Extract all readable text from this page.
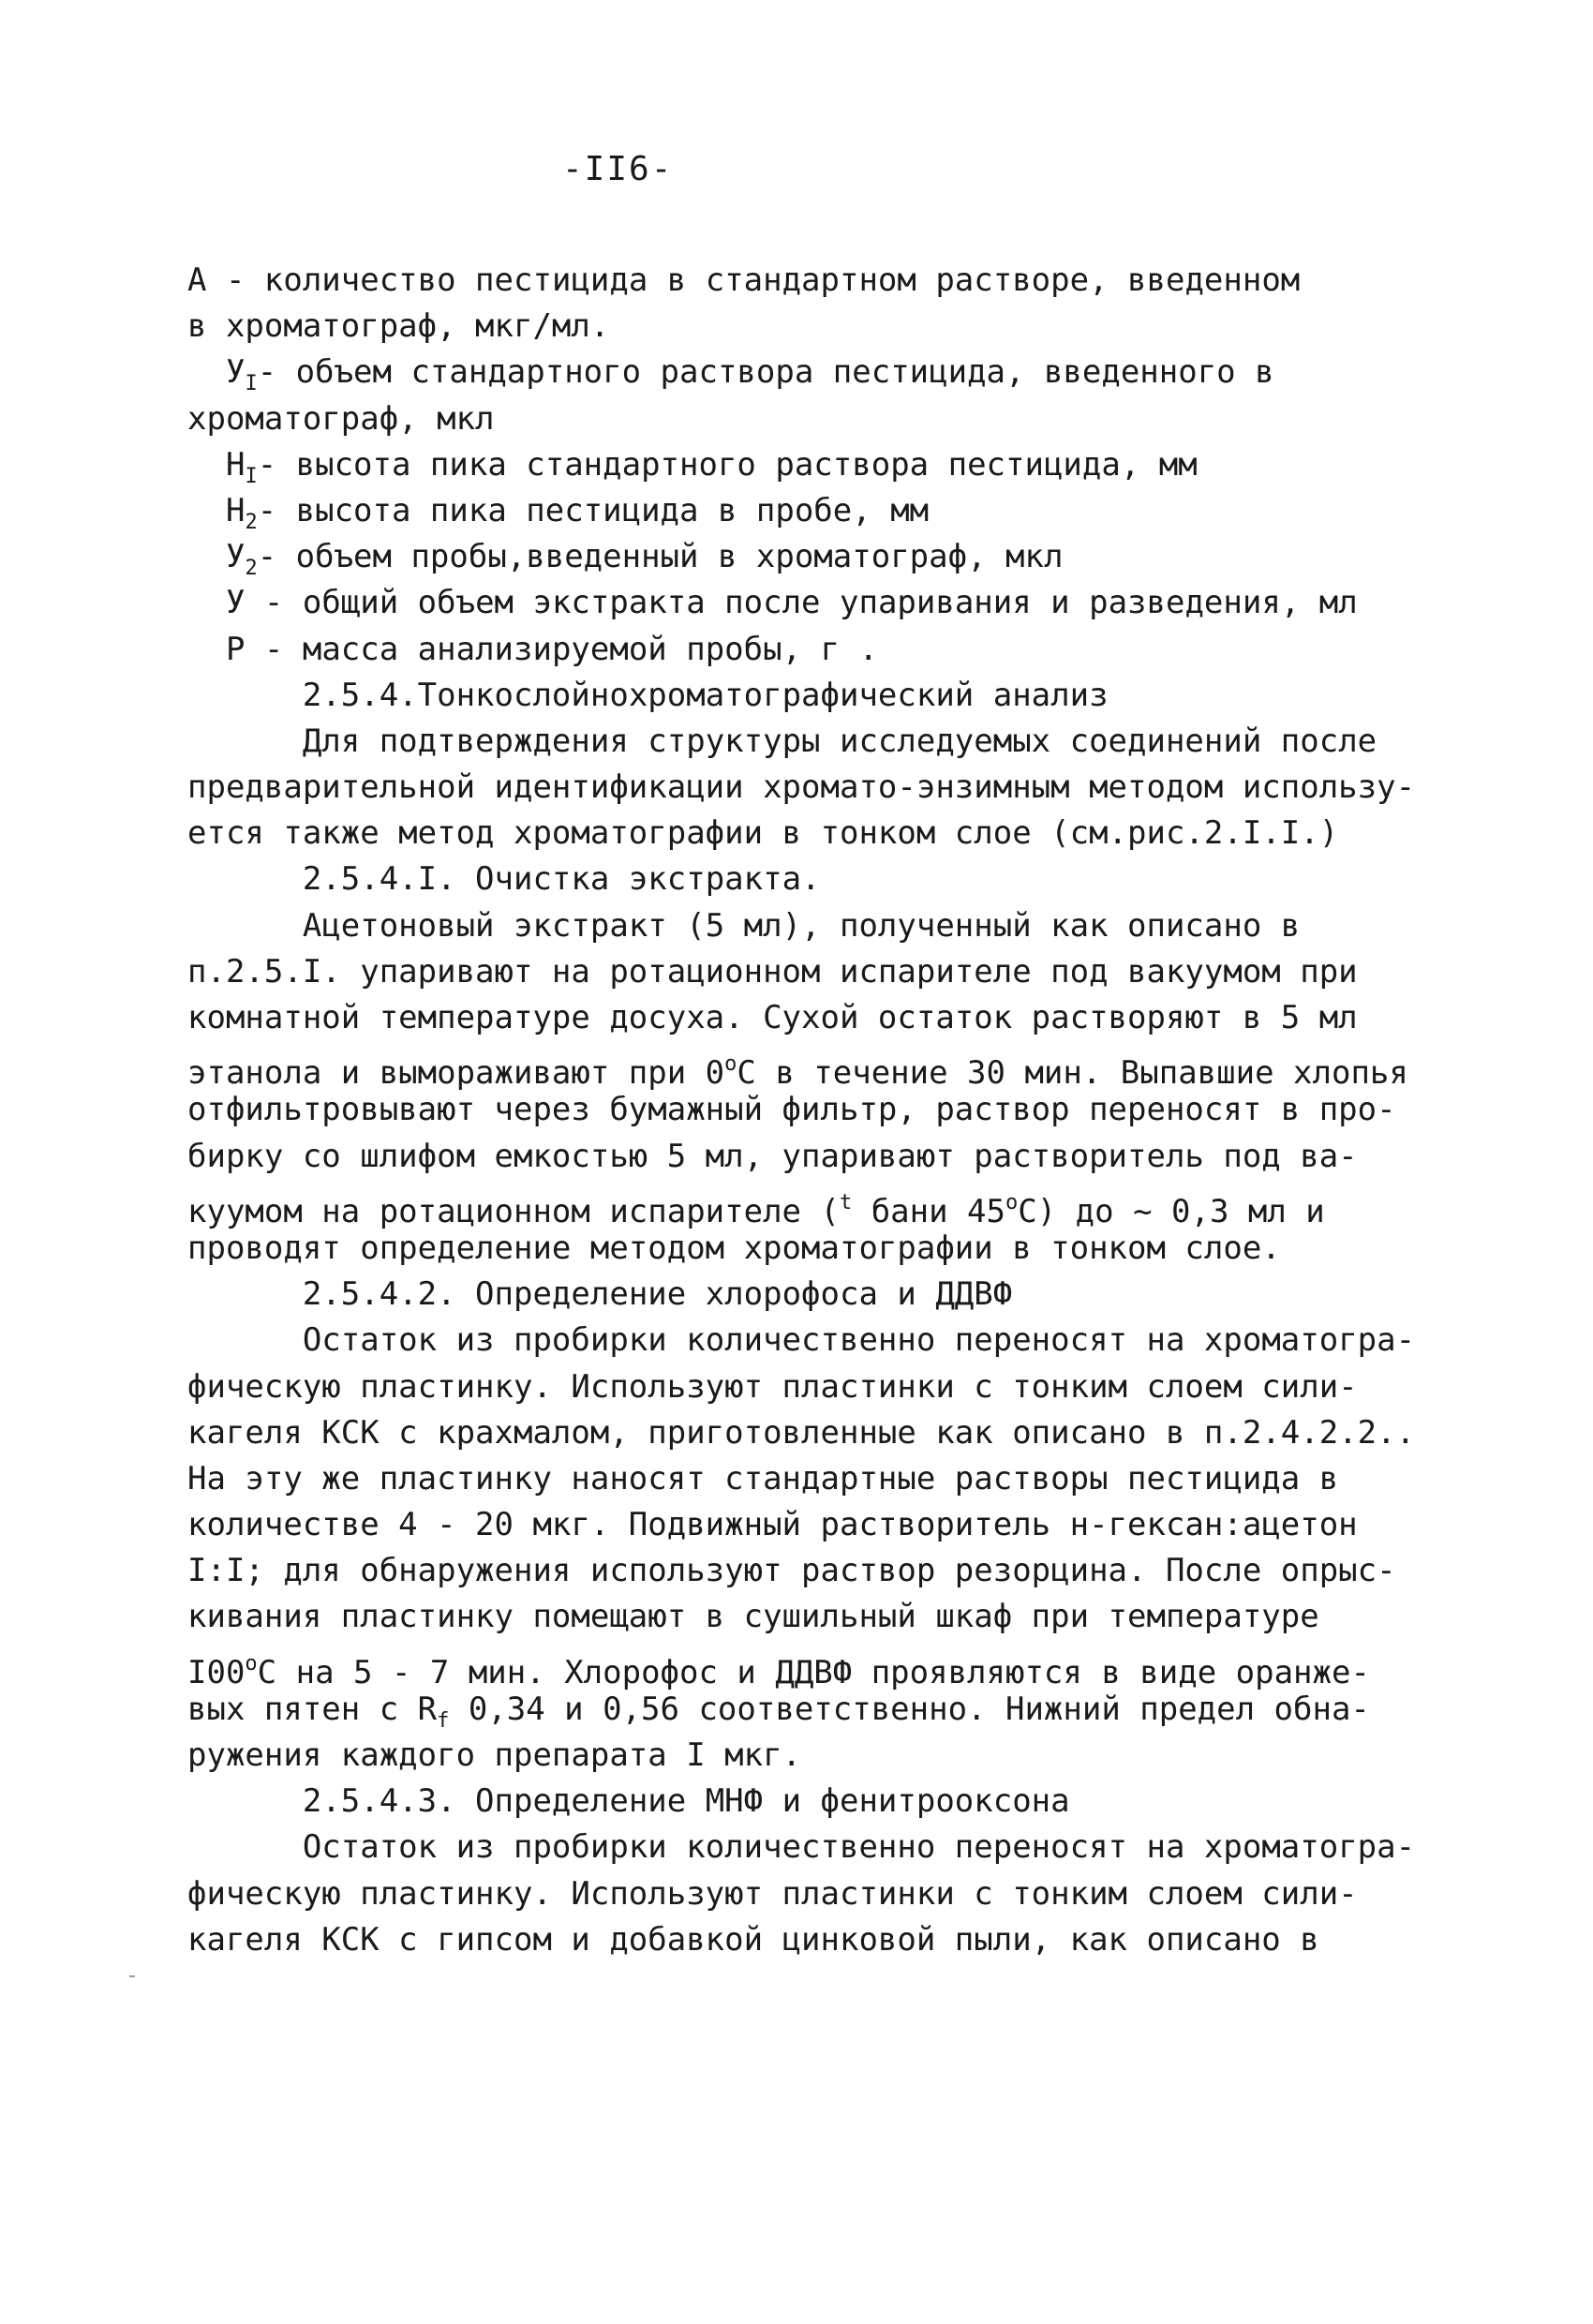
-II6-
А - количество пестицида в стандартном растворе, введенном
в хроматограф, мкг/мл.
$У_I-$ объем стандартного раствора пестицида, введенного в
хроматограф, мкл
$Н_I-$ высота пика стандартного раствора пестицида, мм
$Н_2-$ высота пика пестицида в пробе, мм
$У_2-$ объем пробы,введенный в хроматограф, мкл
У - общий объем экстракта после упаривания и разведения, мл
Р - масса анализируемой пробы, г .
2.5.4.Тонкослойнохроматографический анализ
Для подтверждения структуры исследуемых соединений после
предварительной идентификации хромато-энзимным методом использу-
ется также метод хроматографии в тонком слое (см.рис.2.I.I.)
2.5.4.I. Очистка экстракта.
Ацетоновый экстракт (5 мл), полученный как описано в
п.2.5.I. упаривают на ротационном испарителе под вакуумом при
комнатной температуре досуха. Сухой остаток растворяют в 5 мл
этанола и вымораживают при $0^оС$ в течение 30 мин. Выпавшие хлопья
отфильтровывают через бумажный фильтр, раствор переносят в про-
бирку со шлифом емкостью 5 мл, упаривают растворитель под ва-
куумом на ротационном испарителе ($^t$ бани $45^оС$) до ~ 0,3 мл и
проводят определение методом хроматографии в тонком слое.
2.5.4.2. Определение хлорофоса и ДДВФ
Остаток из пробирки количественно переносят на хроматогра-
фическую пластинку. Используют пластинки с тонким слоем сили-
кагеля КСК с крахмалом, приготовленные как описано в п.2.4.2.2..
На эту же пластинку наносят стандартные растворы пестицида в
количестве 4 - 20 мкг. Подвижный растворитель н-гексан:ацетон
I:I; для обнаружения используют раствор резорцина. После опрыс-
кивания пластинку помещают в сушильный шкаф при температуре
$I00^оС$ на 5 - 7 мин. Хлорофос и ДДВФ проявляются в виде оранже-
вых пятен с $R_f$ 0,34 и 0,56 соответственно. Нижний предел обна-
ружения каждого препарата I мкг.
2.5.4.3. Определение МНФ и фенитрооксона
Остаток из пробирки количественно переносят на хроматогра-
фическую пластинку. Используют пластинки с тонким слоем сили-
кагеля КСК с гипсом и добавкой цинковой пыли, как описано в
